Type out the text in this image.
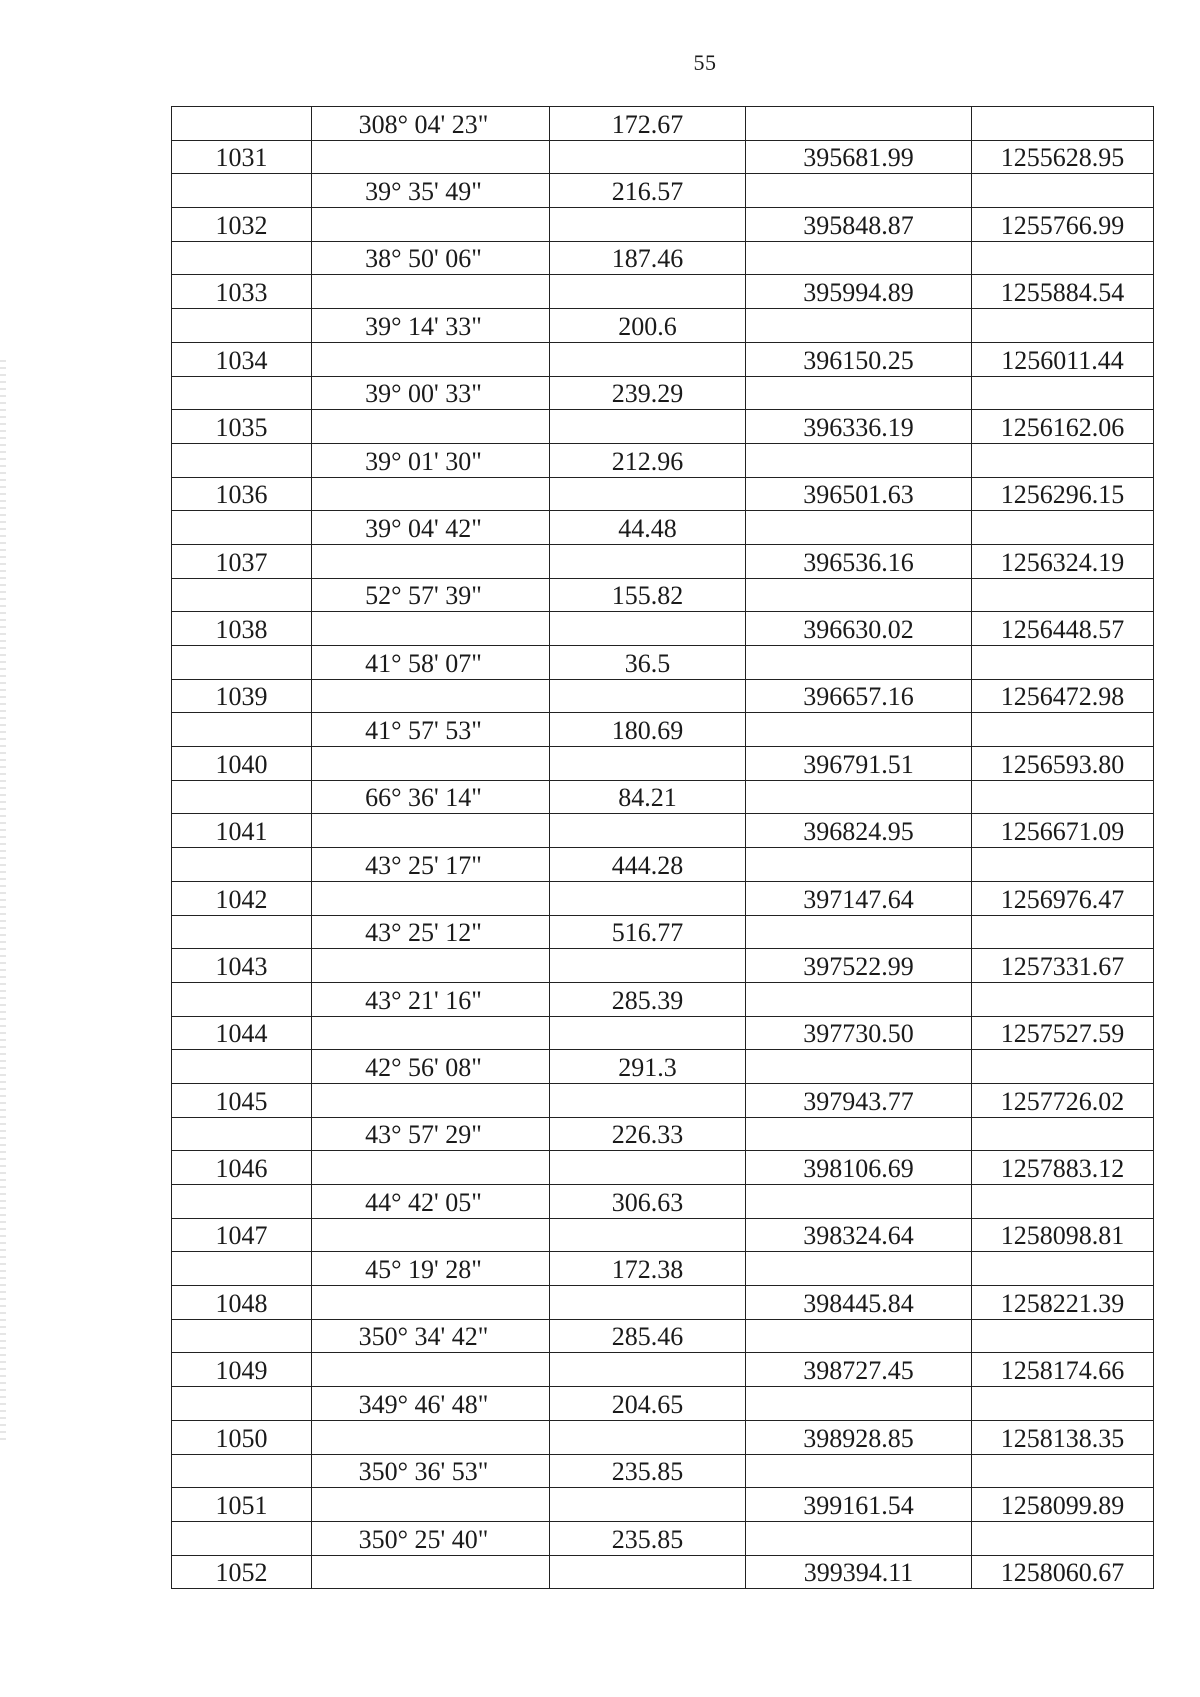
55
	308° 04' 23"	172.67		
1031			395681.99	1255628.95
	39° 35' 49"	216.57		
1032			395848.87	1255766.99
	38° 50' 06"	187.46		
1033			395994.89	1255884.54
	39° 14' 33"	200.6		
1034			396150.25	1256011.44
	39° 00' 33"	239.29		
1035			396336.19	1256162.06
	39° 01' 30"	212.96		
1036			396501.63	1256296.15
	39° 04' 42"	44.48		
1037			396536.16	1256324.19
	52° 57' 39"	155.82		
1038			396630.02	1256448.57
	41° 58' 07"	36.5		
1039			396657.16	1256472.98
	41° 57' 53"	180.69		
1040			396791.51	1256593.80
	66° 36' 14"	84.21		
1041			396824.95	1256671.09
	43° 25' 17"	444.28		
1042			397147.64	1256976.47
	43° 25' 12"	516.77		
1043			397522.99	1257331.67
	43° 21' 16"	285.39		
1044			397730.50	1257527.59
	42° 56' 08"	291.3		
1045			397943.77	1257726.02
	43° 57' 29"	226.33		
1046			398106.69	1257883.12
	44° 42' 05"	306.63		
1047			398324.64	1258098.81
	45° 19' 28"	172.38		
1048			398445.84	1258221.39
	350° 34' 42"	285.46		
1049			398727.45	1258174.66
	349° 46' 48"	204.65		
1050			398928.85	1258138.35
	350° 36' 53"	235.85		
1051			399161.54	1258099.89
	350° 25' 40"	235.85		
1052			399394.11	1258060.67
